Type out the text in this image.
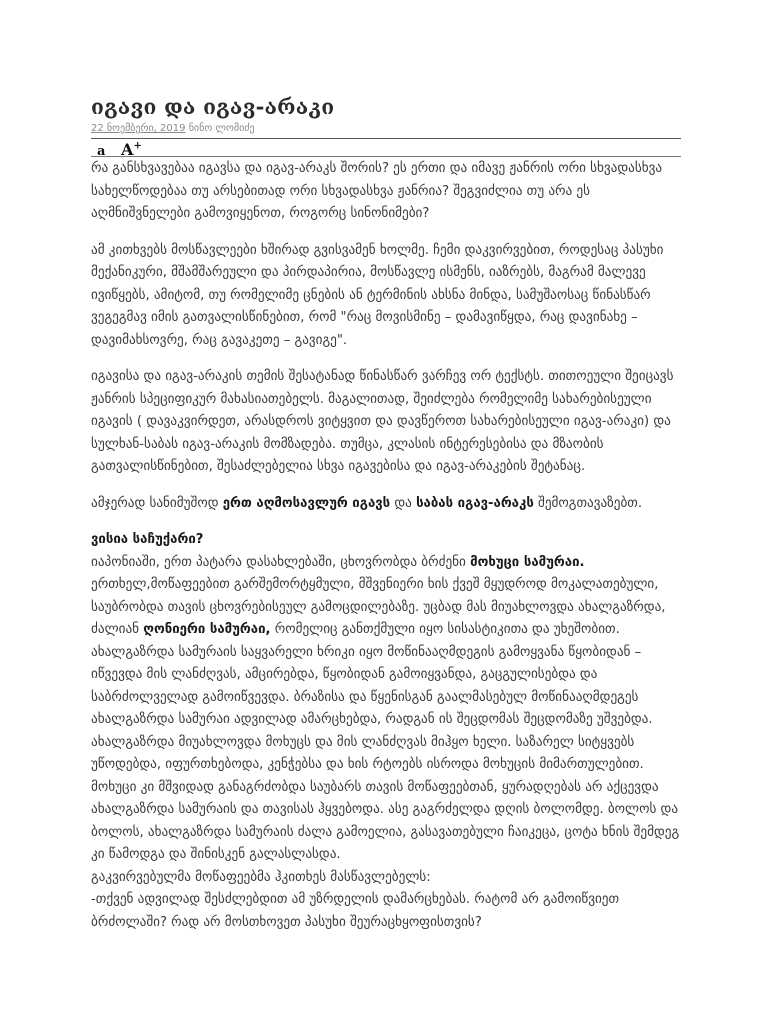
იგავი და იგავ-არაკი
22 ნოემბერი, 2019 ნინო ლომიძე
a A+

რა განსხვავებაა იგავსა და იგავ-არაკს შორის? ეს ერთი და იმავე ჟანრის ორი სხვადასხვა სახელწოდებაა თუ არსებითად ორი სხვადასხვა ჟანრია? შეგვიძლია თუ არა ეს აღმნიშვნელები გამოვიყენოთ, როგორც სინონიმები?

ამ კითხვებს მოსწავლეები ხშირად გვისვამენ ხოლმე. ჩემი დაკვირვებით, როდესაც პასუხი მექანიკური, მშამშარეული და პირდაპირია, მოსწავლე ისმენს, იაზრებს, მაგრამ მალევე ივიწყებს, ამიტომ, თუ რომელიმე ცნების ან ტერმინის ახსნა მინდა, სამუშაოსაც წინასწარ ვეგეგმავ იმის გათვალისწინებით, რომ "რაც მოვისმინე – დამავიწყდა, რაც დავინახე – დავიმახსოვრე, რაც გავაკეთე – გავიგე".

იგავისა და იგავ-არაკის თემის შესატანად წინასწარ ვარჩევ ორ ტექსტს. თითოეული შეიცავს ჟანრის სპეციფიკურ მახასიათებელს. მაგალითად, შეიძლება რომელიმე სახარებისეული იგავის ( დავაკვირდეთ, არასდროს ვიტყვით და დავწეროთ სახარებისეული იგავ-არაკი) და სულხან-საბას იგავ-არაკის მომზადება. თუმცა, კლასის ინტერესებისა და მზაობის გათვალისწინებით, შესაძლებელია სხვა იგავებისა და იგავ-არაკების შეტანაც.

ამჯერად სანიმუშოდ ერთ აღმოსავლურ იგავს და საბას იგავ-არაკს შემოგთავაზებთ.

ვისია საჩუქარი?

იაპონიაში, ერთ პატარა დასახლებაში, ცხოვრობდა ბრძენი მოხუცი სამურაი. ერთხელ,მოწაფეებით გარშემორტყმული, მშვენიერი ხის ქვეშ მყუდროდ მოკალათებული, საუბრობდა თავის ცხოვრებისეულ გამოცდილებაზე. უცბად მას მიუახლოვდა ახალგაზრდა, ძალიან ღონიერი სამურაი, რომელიც განთქმული იყო სისასტიკითა და უხეშობით. ახალგაზრდა სამურაის საყვარელი ხრიკი იყო მოწინააღმდეგის გამოყვანა წყობიდან – იწვევდა მის ლანძღვას, ამცირებდა, წყობიდან გამოიყვანდა, გაცგულისებდა და საბრძოლველად გამოიწვევდა. ბრაზისა და წყენისგან გაალმასებულ მოწინააღმდეგეს ახალგაზრდა სამურაი ადვილად ამარცხებდა, რადგან ის შეცდომას შეცდომაზე უშვებდა.

ახალგაზრდა მიუახლოვდა მოხუცს და მის ლანძღვას მიჰყო ხელი. საზარელ სიტყვებს უწოდებდა, იფურთხებოდა, კენჭებსა და ხის რტოებს ისროდა მოხუცის მიმართულებით. მოხუცი კი მშვიდად განაგრძობდა საუბარს თავის მოწაფეებთან, ყურადღებას არ აქცევდა ახალგაზრდა სამურაის და თავისას ჰყვებოდა. ასე გაგრძელდა დღის ბოლომდე. ბოლოს და ბოლოს, ახალგაზრდა სამურაის ძალა გამოელია, გასავათებული ჩაიკეცა, ცოტა ხნის შემდეგ კი წამოდგა და შინისკენ გალასლასდა.

გაკვირვებულმა მოწაფეებმა ჰკითხეს მასწავლებელს:

-თქვენ ადვილად შესძლებდით ამ უზრდელის დამარცხებას. რატომ არ გამოიწვიეთ ბრძოლაში? რად არ მოსთხოვეთ პასუხი შეურაცხყოფისთვის?
